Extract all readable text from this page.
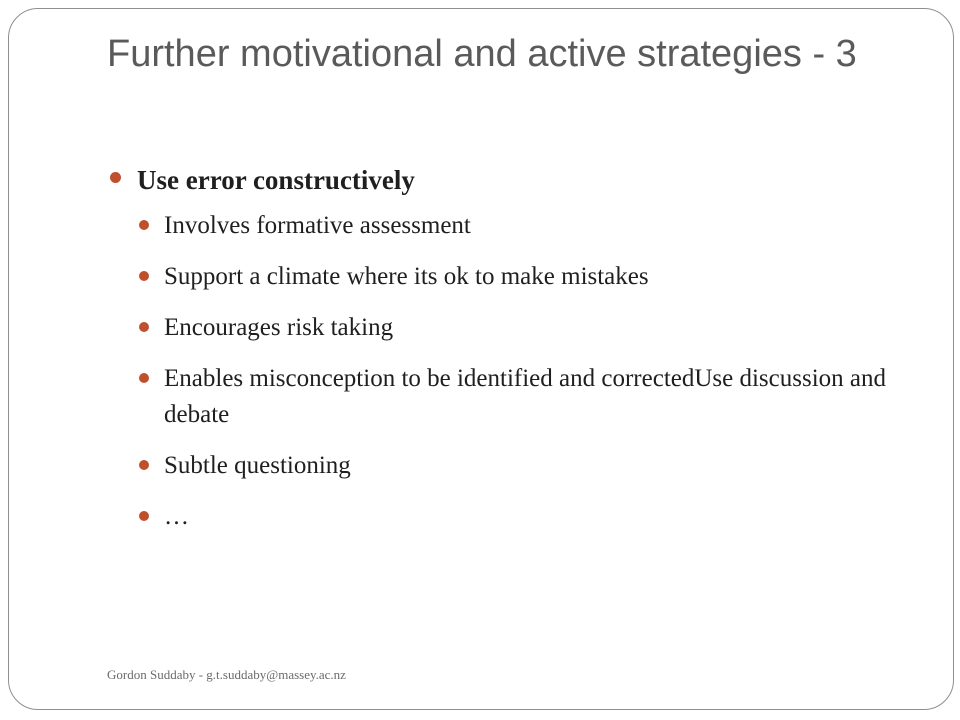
Further motivational and active strategies - 3
Use error constructively
Involves formative assessment
Support a climate where its ok to make mistakes
Encourages risk taking
Enables misconception to be identified and correctedUse discussion and debate
Subtle questioning
…
Gordon Suddaby - g.t.suddaby@massey.ac.nz
